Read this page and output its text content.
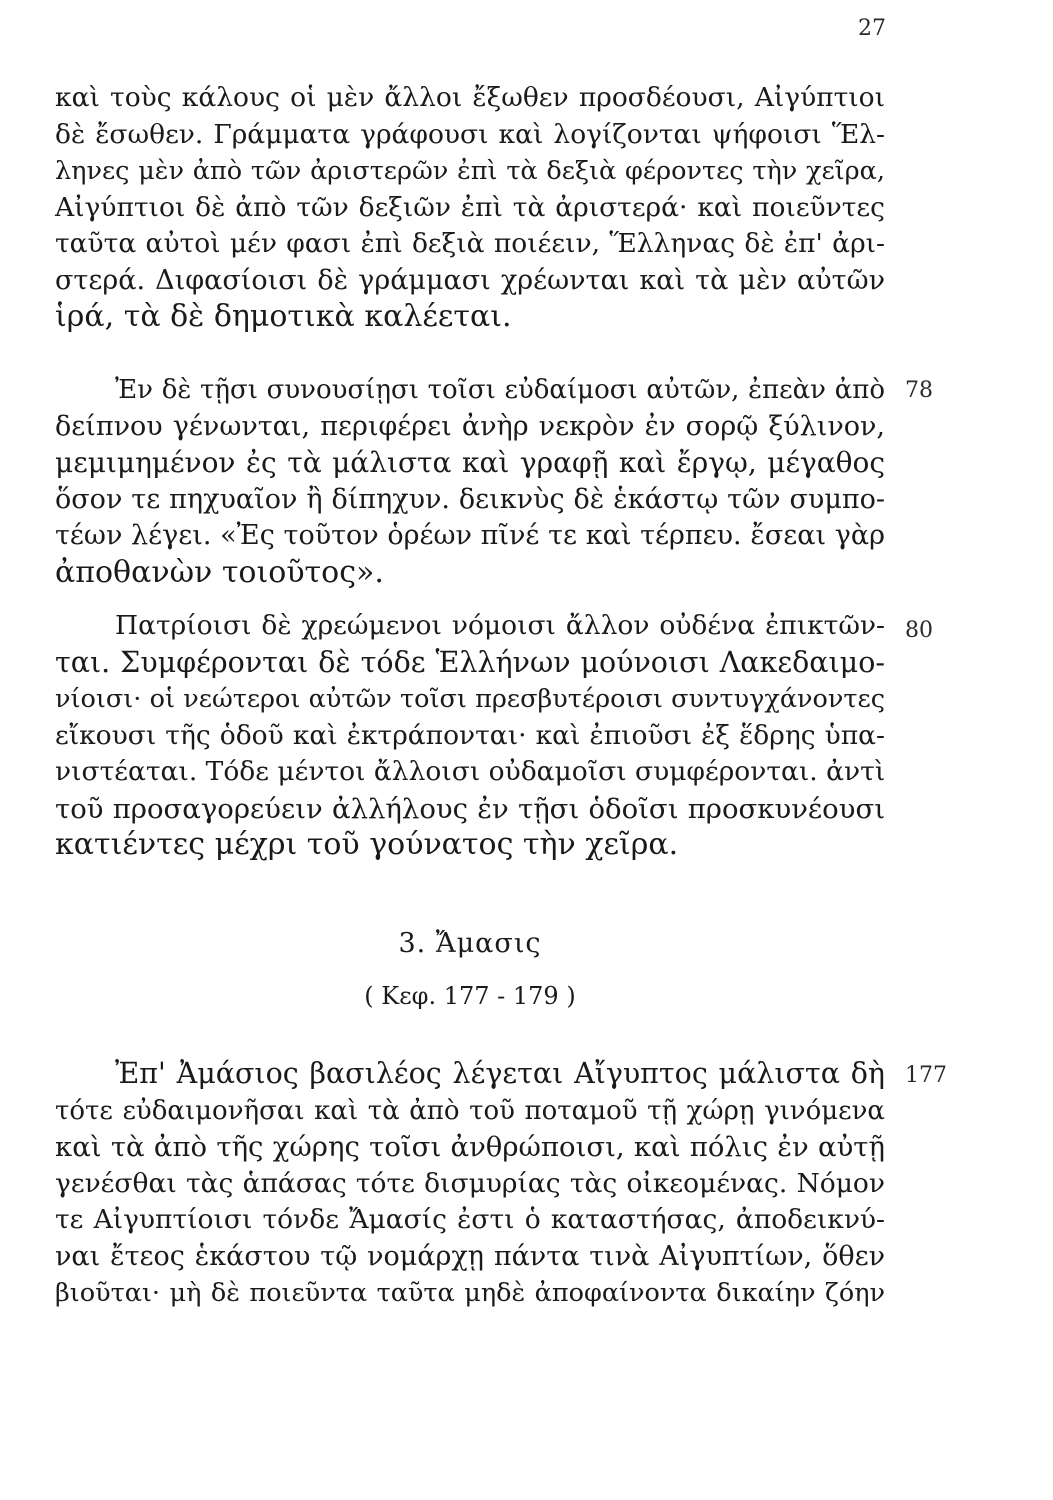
27
καὶ τοὺς κάλους οἱ μὲν ἄλλοι ἔξωθεν προσδέουσι, Αἰγύπτιοι
δὲ ἔσωθεν. Γράμματα γράφουσι καὶ λογίζονται ψήφοισι Ἕλ-
ληνες μὲν ἀπὸ τῶν ἀριστερῶν ἐπὶ τὰ δεξιὰ φέροντες τὴν χεῖρα,
Αἰγύπτιοι δὲ ἀπὸ τῶν δεξιῶν ἐπὶ τὰ ἀριστερά· καὶ ποιεῦντες
ταῦτα αὐτοὶ μέν φασι ἐπὶ δεξιὰ ποιέειν, Ἕλληνας δὲ ἐπ' ἀρι-
στερά. Διφασίοισι δὲ γράμμασι χρέωνται καὶ τὰ μὲν αὐτῶν
ἱρά, τὰ δὲ δημοτικὰ καλέεται.
78
Ἐν δὲ τῇσι συνουσίῃσι τοῖσι εὐδαίμοσι αὐτῶν, ἐπεὰν ἀπὸ
δείπνου γένωνται, περιφέρει ἀνὴρ νεκρὸν ἐν σορῷ ξύλινον,
μεμιμημένον ἐς τὰ μάλιστα καὶ γραφῇ καὶ ἔργῳ, μέγαθος
ὅσον τε πηχυαῖον ἢ δίπηχυν. δεικνὺς δὲ ἑκάστῳ τῶν συμπο-
τέων λέγει. «Ἐς τοῦτον ὁρέων πῖνέ τε καὶ τέρπευ. ἔσεαι γὰρ
ἀποθανὼν τοιοῦτος».
80
Πατρίοισι δὲ χρεώμενοι νόμοισι ἄλλον οὐδένα ἐπικτῶν-
ται. Συμφέρονται δὲ τόδε Ἑλλήνων μούνοισι Λακεδαιμο-
νίοισι· οἱ νεώτεροι αὐτῶν τοῖσι πρεσβυτέροισι συντυγχάνοντες
εἴκουσι τῆς ὁδοῦ καὶ ἐκτράπονται· καὶ ἐπιοῦσι ἐξ ἕδρης ὑπα-
νιστέαται. Τόδε μέντοι ἄλλοισι οὐδαμοῖσι συμφέρονται. ἀντὶ
τοῦ προσαγορεύειν ἀλλήλους ἐν τῇσι ὁδοῖσι προσκυνέουσι
κατιέντες μέχρι τοῦ γούνατος τὴν χεῖρα.
3. Ἄμασις
( Κεφ. 177 - 179 )
177
Ἐπ' Ἀμάσιος βασιλέος λέγεται Αἴγυπτος μάλιστα δὴ
τότε εὐδαιμονῆσαι καὶ τὰ ἀπὸ τοῦ ποταμοῦ τῇ χώρῃ γινόμενα
καὶ τὰ ἀπὸ τῆς χώρης τοῖσι ἀνθρώποισι, καὶ πόλις ἐν αὐτῇ
γενέσθαι τὰς ἁπάσας τότε δισμυρίας τὰς οἰκεομένας. Νόμον
τε Αἰγυπτίοισι τόνδε Ἄμασίς ἐστι ὁ καταστήσας, ἀποδεικνύ-
ναι ἔτεος ἑκάστου τῷ νομάρχῃ πάντα τινὰ Αἰγυπτίων, ὅθεν
βιοῦται· μὴ δὲ ποιεῦντα ταῦτα μηδὲ ἀποφαίνοντα δικαίην ζόην
